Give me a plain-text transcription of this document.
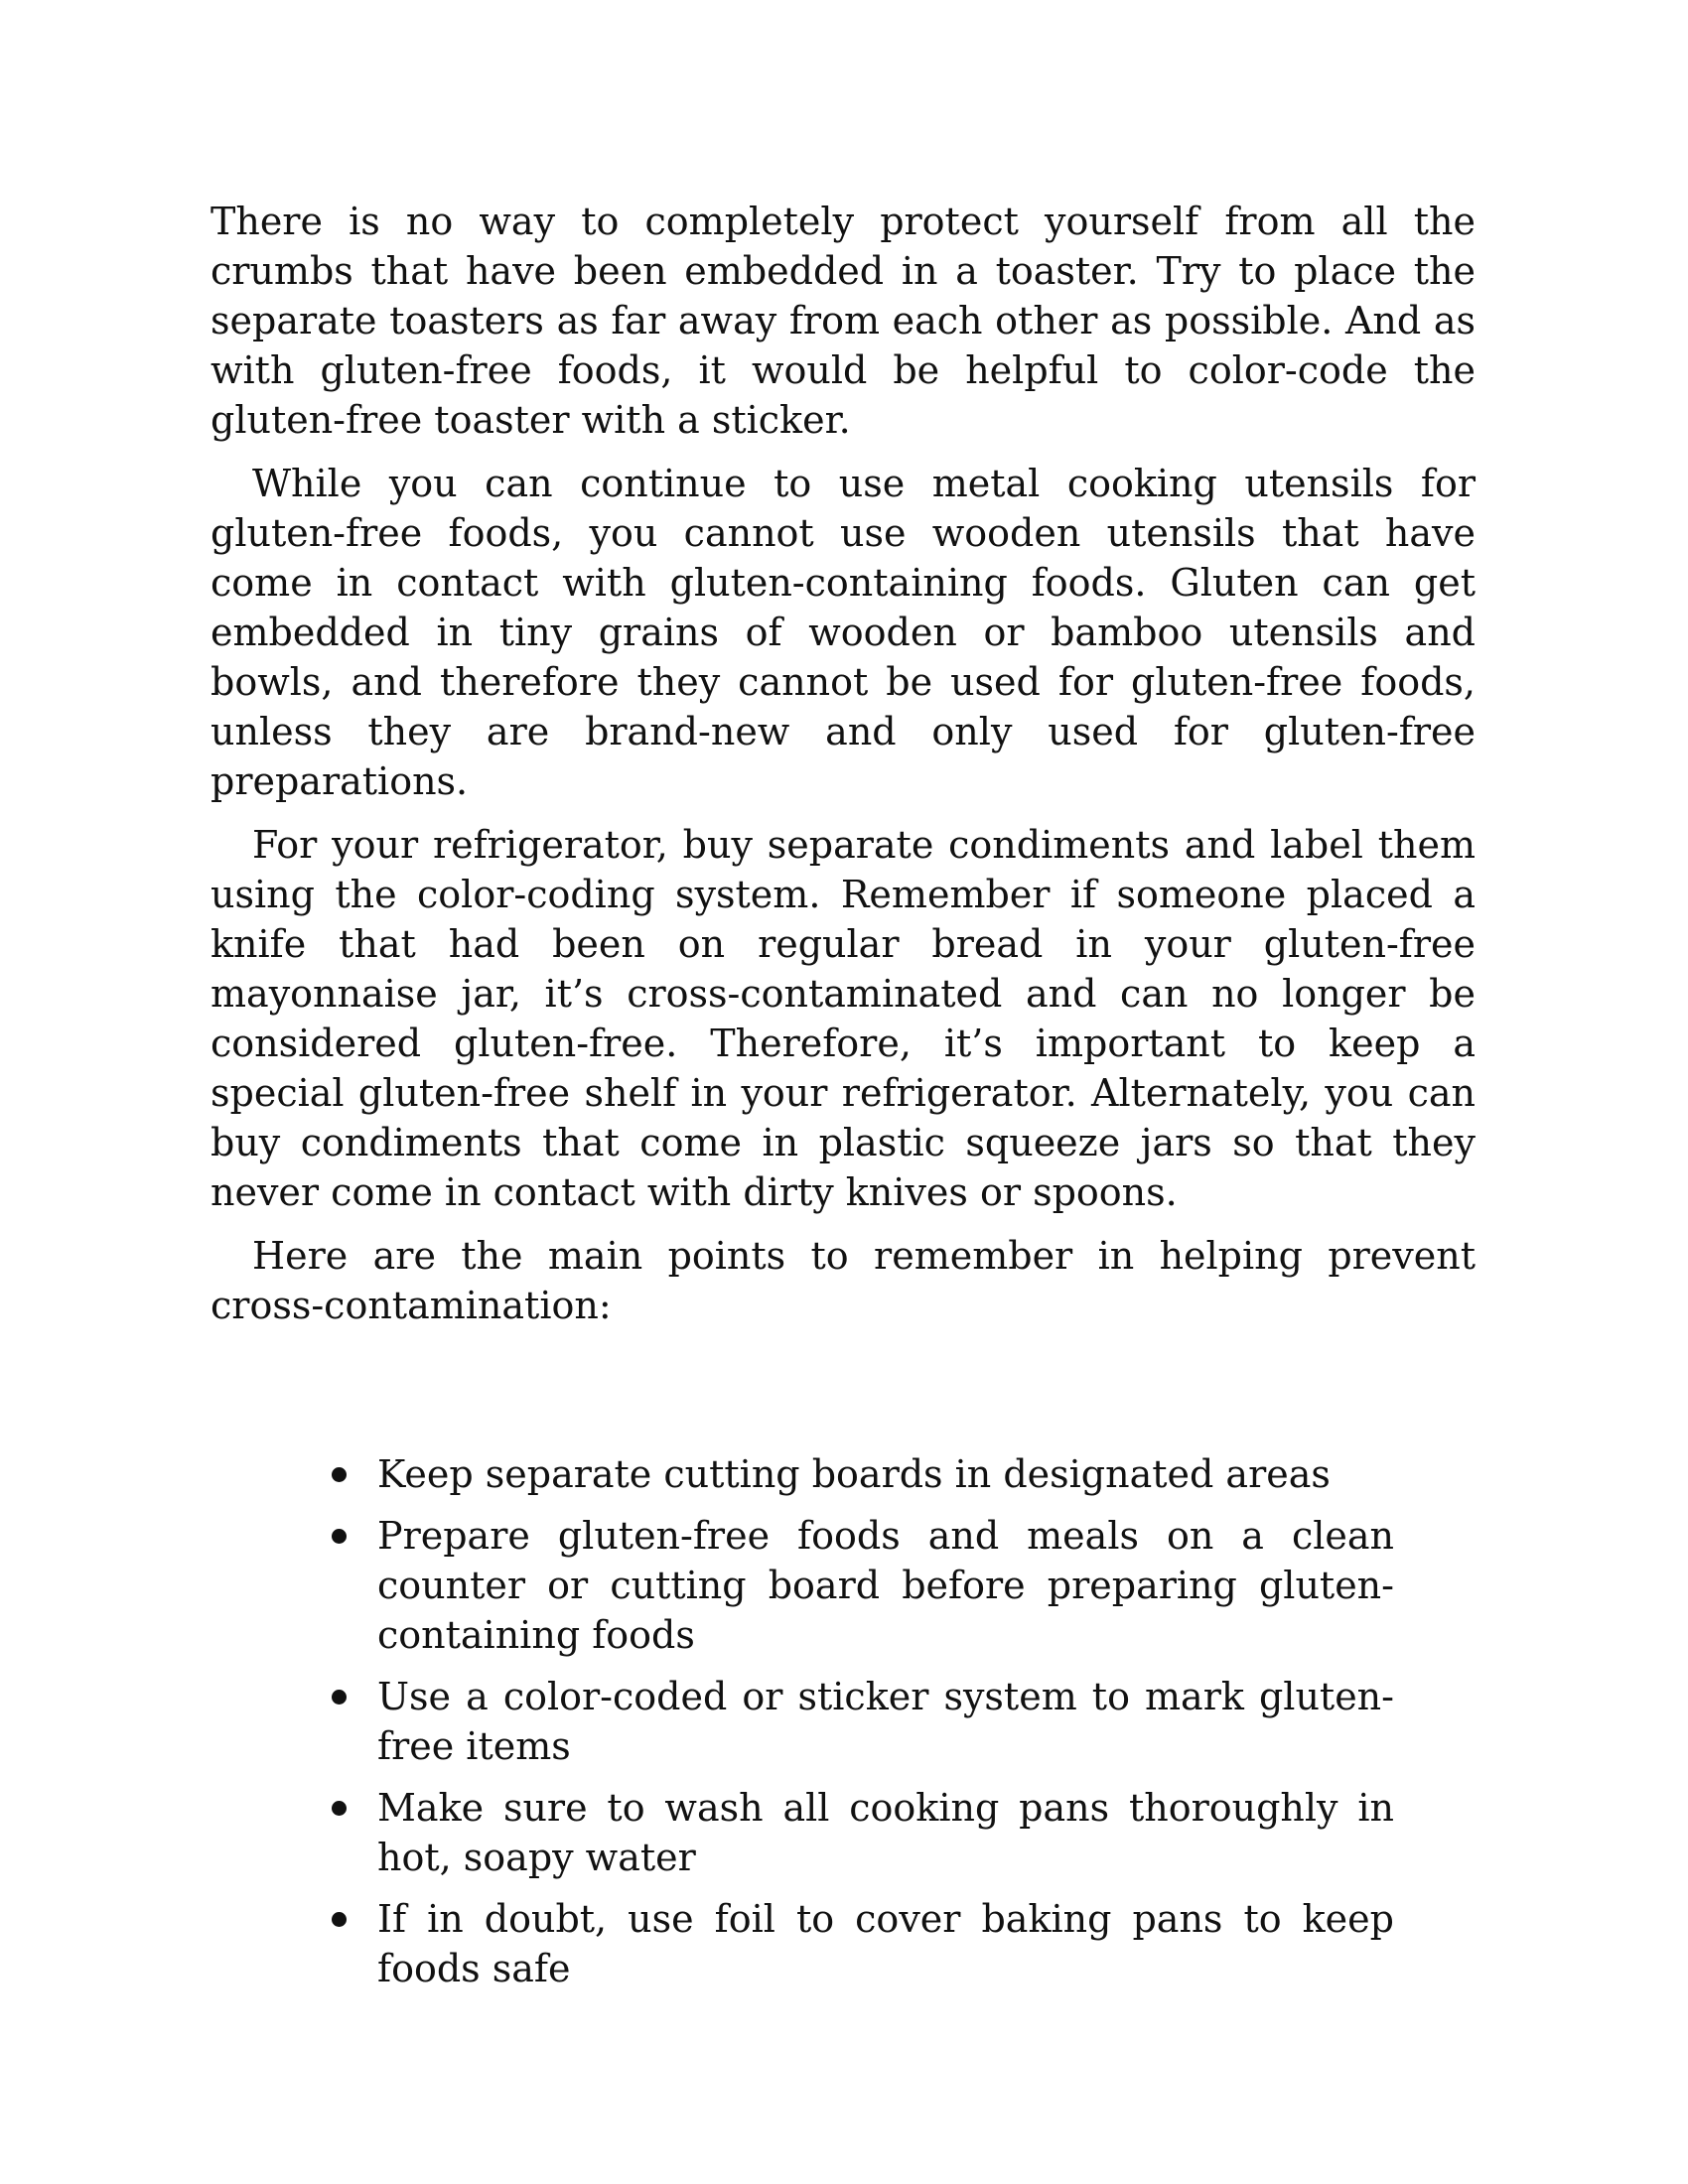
There is no way to completely protect yourself from all the crumbs that have been embedded in a toaster. Try to place the separate toasters as far away from each other as possible. And as with gluten-free foods, it would be helpful to color-code the gluten-free toaster with a sticker.

While you can continue to use metal cooking utensils for gluten-free foods, you cannot use wooden utensils that have come in contact with gluten-containing foods. Gluten can get embedded in tiny grains of wooden or bamboo utensils and bowls, and therefore they cannot be used for gluten-free foods, unless they are brand-new and only used for gluten-free preparations.

For your refrigerator, buy separate condiments and label them using the color-coding system. Remember if someone placed a knife that had been on regular bread in your gluten-free mayonnaise jar, it’s cross-contaminated and can no longer be considered gluten-free. Therefore, it’s important to keep a special gluten-free shelf in your refrigerator. Alternately, you can buy condiments that come in plastic squeeze jars so that they never come in contact with dirty knives or spoons.

Here are the main points to remember in helping prevent cross-contamination:

Keep separate cutting boards in designated areas
Prepare gluten-free foods and meals on a clean counter or cutting board before preparing gluten-containing foods
Use a color-coded or sticker system to mark gluten-free items
Make sure to wash all cooking pans thoroughly in hot, soapy water
If in doubt, use foil to cover baking pans to keep foods safe
